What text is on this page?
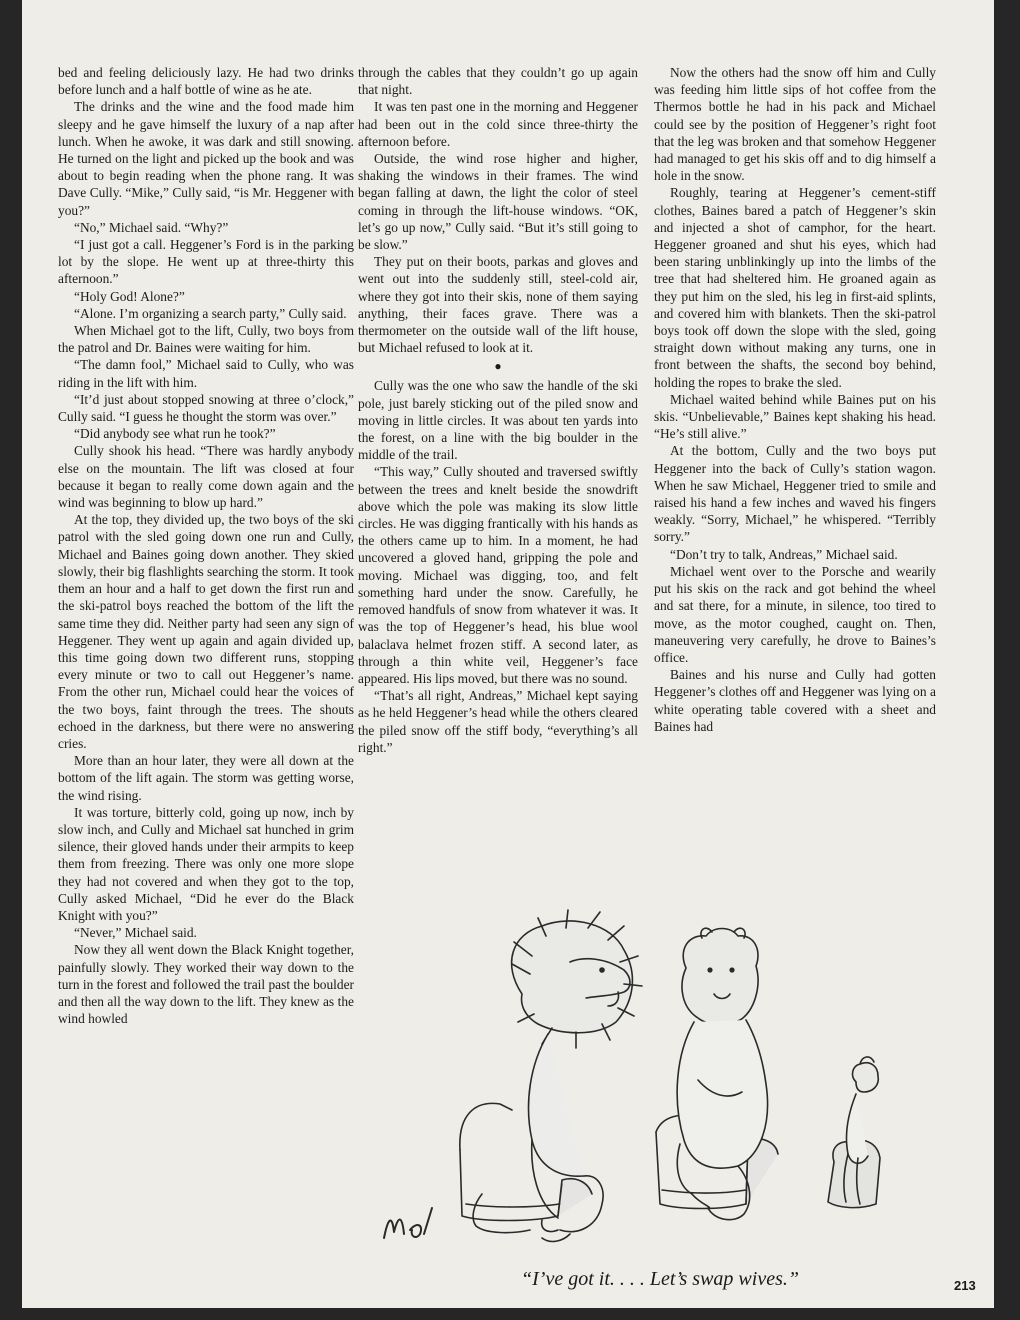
bed and feeling deliciously lazy. He had two drinks before lunch and a half bottle of wine as he ate.

The drinks and the wine and the food made him sleepy and he gave himself the luxury of a nap after lunch. When he awoke, it was dark and still snowing. He turned on the light and picked up the book and was about to begin reading when the phone rang. It was Dave Cully. “Mike,” Cully said, “is Mr. Heggener with you?”

“No,” Michael said. “Why?”

“I just got a call. Heggener’s Ford is in the parking lot by the slope. He went up at three-thirty this afternoon.”

“Holy God! Alone?”

“Alone. I’m organizing a search party,” Cully said.

When Michael got to the lift, Cully, two boys from the patrol and Dr. Baines were waiting for him.

“The damn fool,” Michael said to Cully, who was riding in the lift with him.

“It’d just about stopped snowing at three o’clock,” Cully said. “I guess he thought the storm was over.”

“Did anybody see what run he took?”

Cully shook his head. “There was hardly anybody else on the mountain. The lift was closed at four because it began to really come down again and the wind was beginning to blow up hard.”

At the top, they divided up, the two boys of the ski patrol with the sled going down one run and Cully, Michael and Baines going down another. They skied slowly, their big flashlights searching the storm. It took them an hour and a half to get down the first run and the ski-patrol boys reached the bottom of the lift the same time they did. Neither party had seen any sign of Heggener. They went up again and again divided up, this time going down two different runs, stopping every minute or two to call out Heggener’s name. From the other run, Michael could hear the voices of the two boys, faint through the trees. The shouts echoed in the darkness, but there were no answering cries.

More than an hour later, they were all down at the bottom of the lift again. The storm was getting worse, the wind rising.

It was torture, bitterly cold, going up now, inch by slow inch, and Cully and Michael sat hunched in grim silence, their gloved hands under their armpits to keep them from freezing. There was only one more slope they had not covered and when they got to the top, Cully asked Michael, “Did he ever do the Black Knight with you?”

“Never,” Michael said.

Now they all went down the Black Knight together, painfully slowly. They worked their way down to the turn in the forest and followed the trail past the boulder and then all the way down to the lift. They knew as the wind howled

through the cables that they couldn’t go up again that night.

It was ten past one in the morning and Heggener had been out in the cold since three-thirty the afternoon before.

Outside, the wind rose higher and higher, shaking the windows in their frames. The wind began falling at dawn, the light the color of steel coming in through the lift-house windows. “OK, let’s go up now,” Cully said. “But it’s still going to be slow.”

They put on their boots, parkas and gloves and went out into the suddenly still, steel-cold air, where they got into their skis, none of them saying anything, their faces grave. There was a thermometer on the outside wall of the lift house, but Michael refused to look at it.

●

Cully was the one who saw the handle of the ski pole, just barely sticking out of the piled snow and moving in little circles. It was about ten yards into the forest, on a line with the big boulder in the middle of the trail.

“This way,” Cully shouted and traversed swiftly between the trees and knelt beside the snowdrift above which the pole was making its slow little circles. He was digging frantically with his hands as the others came up to him. In a moment, he had uncovered a gloved hand, gripping the pole and moving. Michael was digging, too, and felt something hard under the snow. Carefully, he removed handfuls of snow from whatever it was. It was the top of Heggener’s head, his blue wool balaclava helmet frozen stiff. A second later, as through a thin white veil, Heggener’s face appeared. His lips moved, but there was no sound.

“That’s all right, Andreas,” Michael kept saying as he held Heggener’s head while the others cleared the piled snow off the stiff body, “everything’s all right.”

Now the others had the snow off him and Cully was feeding him little sips of hot coffee from the Thermos bottle he had in his pack and Michael could see by the position of Heggener’s right foot that the leg was broken and that somehow Heggener had managed to get his skis off and to dig himself a hole in the snow.

Roughly, tearing at Heggener’s cement-stiff clothes, Baines bared a patch of Heggener’s skin and injected a shot of camphor, for the heart. Heggener groaned and shut his eyes, which had been staring unblinkingly up into the limbs of the tree that had sheltered him. He groaned again as they put him on the sled, his leg in first-aid splints, and covered him with blankets. Then the ski-patrol boys took off down the slope with the sled, going straight down without making any turns, one in front between the shafts, the second boy behind, holding the ropes to brake the sled.

Michael waited behind while Baines put on his skis. “Unbelievable,” Baines kept shaking his head. “He’s still alive.”

At the bottom, Cully and the two boys put Heggener into the back of Cully’s station wagon. When he saw Michael, Heggener tried to smile and raised his hand a few inches and waved his fingers weakly. “Sorry, Michael,” he whispered. “Terribly sorry.”

“Don’t try to talk, Andreas,” Michael said.

Michael went over to the Porsche and wearily put his skis on the rack and got behind the wheel and sat there, for a minute, in silence, too tired to move, as the motor coughed, caught on. Then, maneuvering very carefully, he drove to Baines’s office.

Baines and his nurse and Cully had gotten Heggener’s clothes off and Heggener was lying on a white operating table covered with a sheet and Baines had

“I’ve got it. . . . Let’s swap wives.”	213
